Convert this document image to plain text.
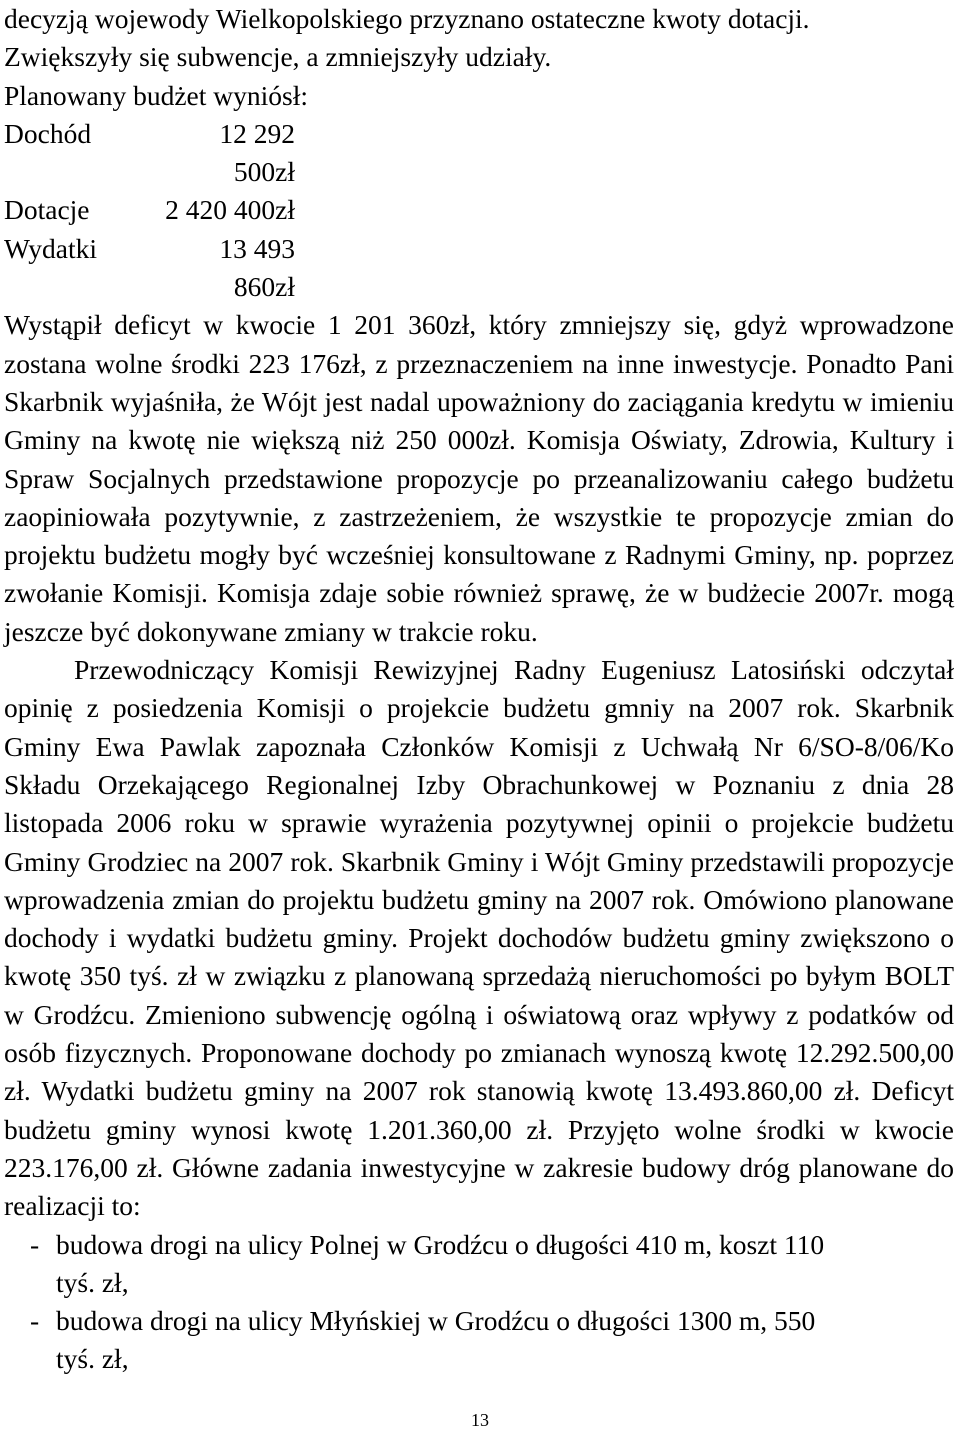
decyzją wojewody Wielkopolskiego przyznano ostateczne kwoty dotacji.

Zwiększyły się subwencje, a zmniejszyły udziały.

Planowany budżet wyniósł:

Dochód	12 292 500zł
Dotacje	2 420 400zł
Wydatki	13 493 860zł

Wystąpił deficyt w kwocie 1 201 360zł, który zmniejszy się, gdyż wprowadzone zostana wolne środki 223 176zł, z przeznaczeniem na inne inwestycje. Ponadto Pani Skarbnik wyjaśniła, że Wójt jest nadal upoważniony do zaciągania kredytu w imieniu Gminy na kwotę nie większą niż 250 000zł. Komisja Oświaty, Zdrowia, Kultury i Spraw Socjalnych przedstawione propozycje po przeanalizowaniu całego budżetu zaopiniowała pozytywnie, z zastrzeżeniem, że wszystkie te propozycje zmian do projektu budżetu mogły być wcześniej konsultowane z Radnymi Gminy, np. poprzez zwołanie Komisji. Komisja zdaje sobie również sprawę, że w budżecie 2007r. mogą jeszcze być dokonywane zmiany w trakcie roku.

Przewodniczący Komisji Rewizyjnej Radny Eugeniusz Latosiński odczytał opinię z posiedzenia Komisji o projekcie budżetu gmniy na 2007 rok. Skarbnik Gminy Ewa Pawlak zapoznała Członków Komisji z Uchwałą Nr 6/SO-8/06/Ko Składu Orzekającego Regionalnej Izby Obrachunkowej w Poznaniu z dnia 28 listopada 2006 roku w sprawie wyrażenia pozytywnej opinii o projekcie budżetu Gminy Grodziec na 2007 rok. Skarbnik Gminy i Wójt Gminy przedstawili propozycje wprowadzenia zmian do projektu budżetu gminy na 2007 rok. Omówiono planowane dochody i wydatki budżetu gminy. Projekt dochodów budżetu gminy zwiększono o kwotę 350 tyś. zł w związku z planowaną sprzedażą nieruchomości po byłym BOLT w Grodźcu. Zmieniono subwencję ogólną i oświatową oraz wpływy z podatków od osób fizycznych. Proponowane dochody po zmianach wynoszą kwotę 12.292.500,00 zł. Wydatki budżetu gminy na 2007 rok stanowią kwotę 13.493.860,00 zł. Deficyt budżetu gminy wynosi kwotę 1.201.360,00 zł. Przyjęto wolne środki w kwocie 223.176,00 zł. Główne zadania inwestycyjne w zakresie budowy dróg planowane do realizacji to:

- budowa drogi na ulicy Polnej w Grodźcu o długości 410 m, koszt 110
tyś. zł,
- budowa drogi na ulicy Młyńskiej w Grodźcu o długości 1300 m, 550
tyś. zł,
13
